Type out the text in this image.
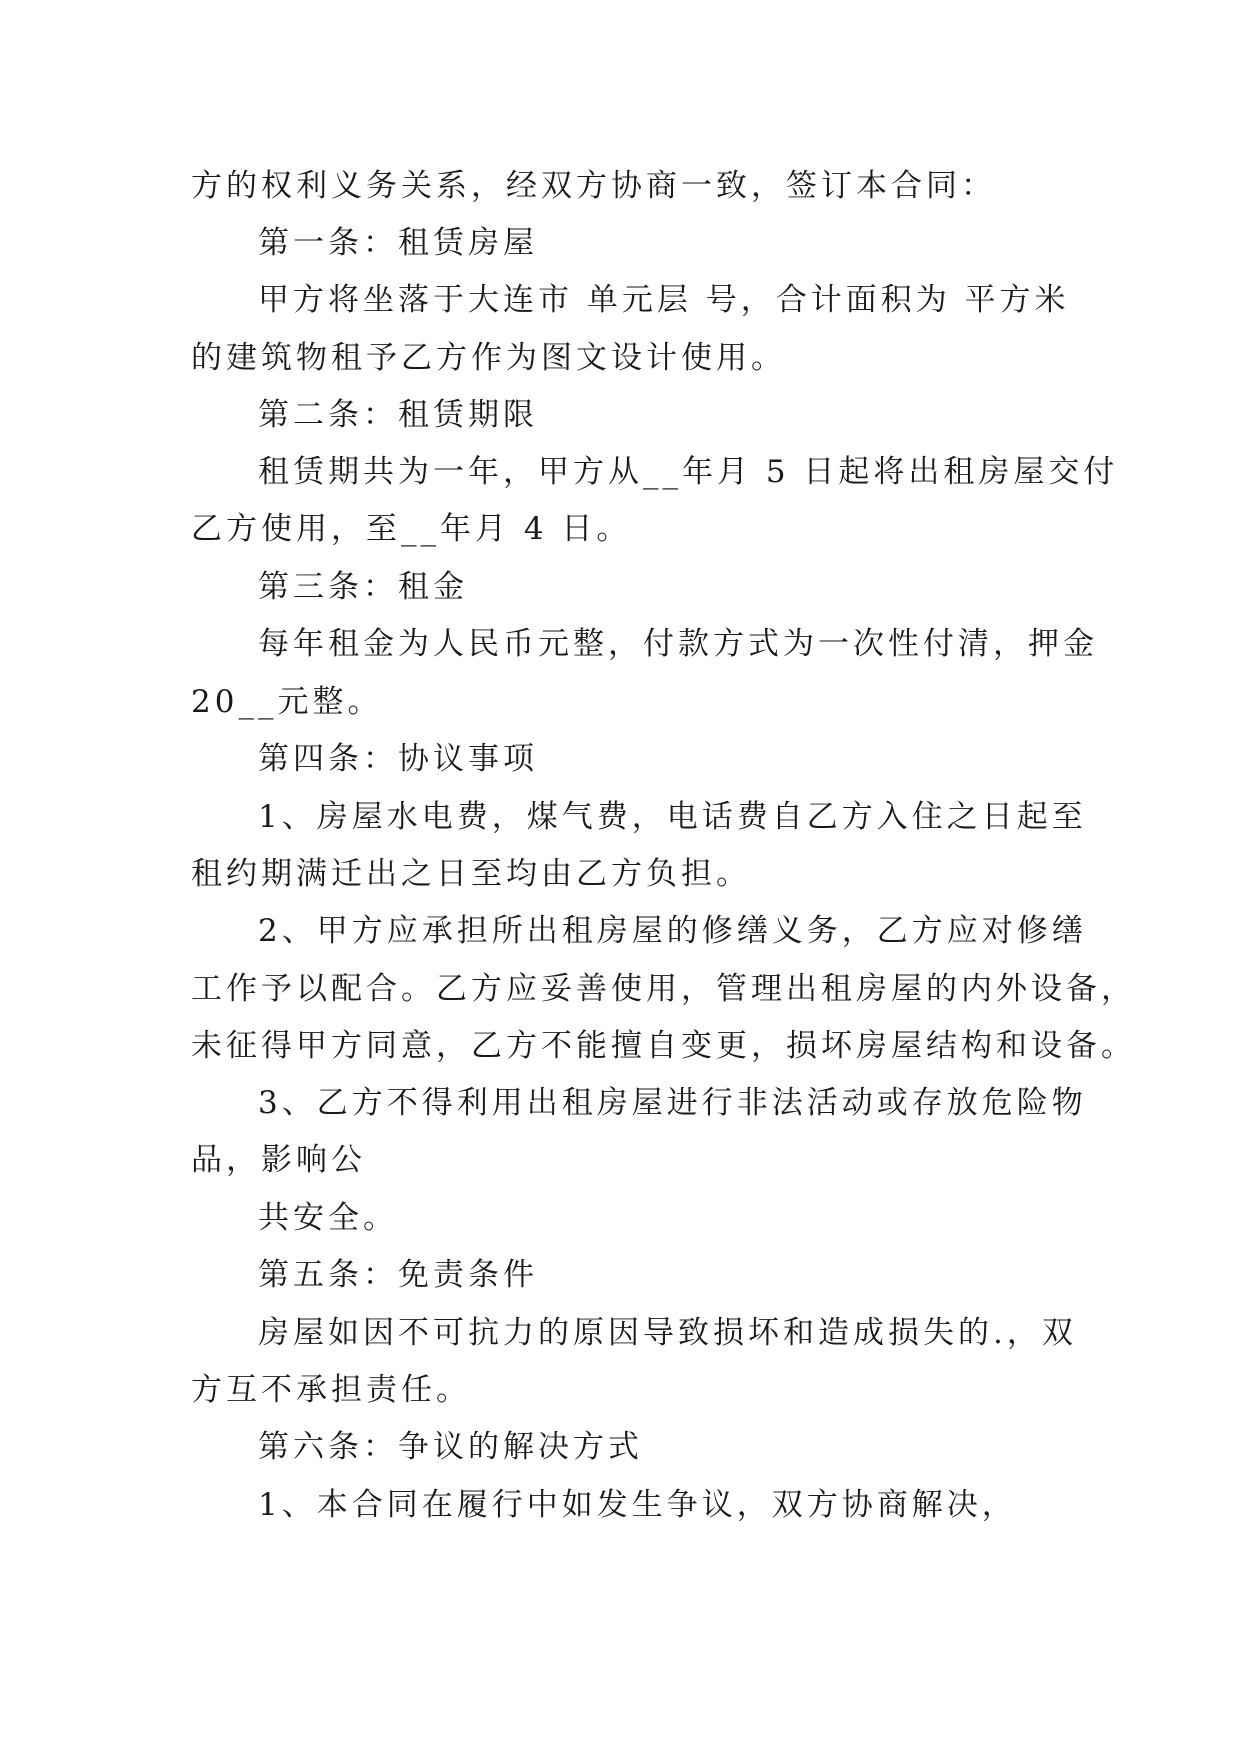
方的权利义务关系，经双方协商一致，签订本合同：
第一条：租赁房屋
甲方将坐落于大连市 单元层 号，合计面积为 平方米
的建筑物租予乙方作为图文设计使用。
第二条：租赁期限
租赁期共为一年，甲方从__年月 5 日起将出租房屋交付
乙方使用，至__年月 4 日。
第三条：租金
每年租金为人民币元整，付款方式为一次性付清，押金
20__元整。
第四条：协议事项
1、房屋水电费，煤气费，电话费自乙方入住之日起至
租约期满迁出之日至均由乙方负担。
2、甲方应承担所出租房屋的修缮义务，乙方应对修缮
工作予以配合。乙方应妥善使用，管理出租房屋的内外设备，
未征得甲方同意，乙方不能擅自变更，损坏房屋结构和设备。
3、乙方不得利用出租房屋进行非法活动或存放危险物
品，影响公
共安全。
第五条：免责条件
房屋如因不可抗力的原因导致损坏和造成损失的.，双
方互不承担责任。
第六条：争议的解决方式
1、本合同在履行中如发生争议，双方协商解决，
